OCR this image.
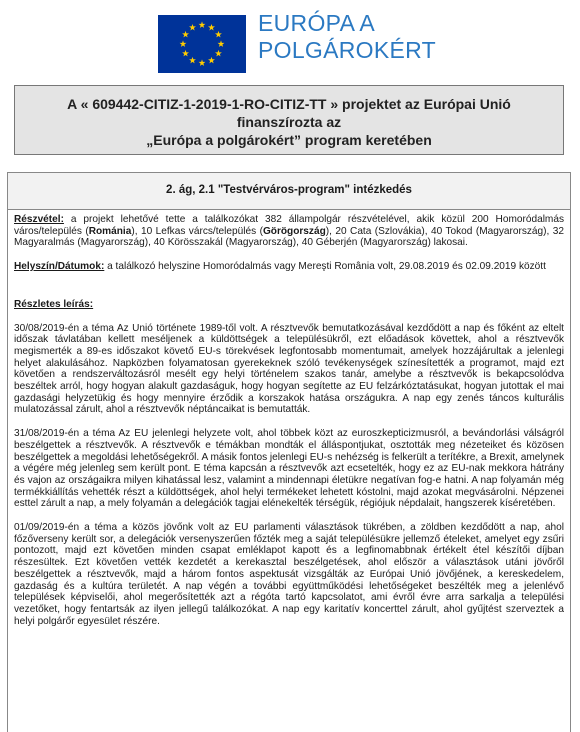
EURÓPA A
POLGÁROKÉRT
A « 609442-CITIZ-1-2019-1-RO-CITIZ-TT » projektet az Európai Unió
finanszírozta az
„Európa a polgárokért” program keretében
2. ág, 2.1 "Testvérváros-program" intézkedés

Részvétel: a projekt lehetővé tette a találkozókat 382 állampolgár részvételével, akik közül 200 Homoródalmás város/település (Románia), 10 Lefkas várcs/település (Görögország), 20 Cata (Szlovákia), 40 Tokod (Magyarország), 32 Magyaralmás (Magyarország), 40 Körösszakál (Magyarország), 40 Géberjén (Magyarország) lakosai.

Helyszín/Dátumok: a találkozó helyszine Homoródalmás vagy Mereşti România volt, 29.08.2019 és 02.09.2019 között

Részletes leírás:

30/08/2019-én a téma Az Unió története 1989-től volt. A résztvevők bemutatkozásával kezdődött a nap és főként az eltelt időszak távlatában kellett meséljenek a küldöttségek a településükről, ezt előadások követtek, ahol a résztvevők megismerték a 89-es időszakot követő EU-s törekvések legfontosabb momentumait, amelyek hozzájárultak a jelenlegi helyet alakulásához. Napközben folyamatosan gyerekeknek szóló tevékenységek színesítették a programot, majd ezt követően a rendszerváltozásról mesélt egy helyi történelem szakos tanár, amelybe a résztvevők is bekapcsolódva beszéltek arról, hogy hogyan alakult gazdaságuk, hogy hogyan segítette az EU felzárkóztatásukat, hogyan jutottak el mai gazdasági helyzetükig és hogy mennyire érződik a korszakok hatása országukra. A nap egy zenés táncos kulturális mulatozással zárult, ahol a résztvevők néptáncaikat is bemutatták.

31/08/2019-én a téma Az EU jelenlegi helyzete volt, ahol többek közt az euroszkepticizmusról, a bevándorlási válságról beszélgettek a résztvevők. A résztvevők e témákban mondták el álláspontjukat, osztották meg nézeteiket és közösen beszélgettek a megoldási lehetőségekről. A másik fontos jelenlegi EU-s nehézség is felkerült a terítékre, a Brexit, amelynek a végére még jelenleg sem került pont. E téma kapcsán a résztvevők azt ecsetelték, hogy ez az EU-nak mekkora hátrány és vajon az országaikra milyen kihatással lesz, valamint a mindennapi életükre negatívan fog-e hatni. A nap folyamán még termékkiállítás vehették részt a küldöttségek, ahol helyi termékeket lehetett kóstolni, majd azokat megvásárolni. Népzenei esttel zárult a nap, a mely folyamán a delegációk tagjai elénekelték térségük, régiójuk népdalait, hangszerek kíséretében.

01/09/2019-én a téma a közös jövőnk volt az EU parlamenti választások tükrében, a zöldben kezdődött a nap, ahol főzőverseny került sor, a delegációk versenyszerűen főzték meg a saját településükre jellemző ételeket, amelyet egy zsűri pontozott, majd ezt követően minden csapat emléklapot kapott és a legfinomabbnak értékelt étel készítői díjban részesültek. Ezt követően vették kezdetét a kerekasztal beszélgetések, ahol először a választások utáni jövőről beszélgettek a résztvevők, majd a három fontos aspektusát vizsgálták az Európai Unió jövőjének, a kereskedelem, gazdaság és a kultúra területét. A nap végén a további együttműködési lehetőségeket beszélték meg a jelenlévő települések képviselői, ahol megerősítették azt a régóta tartó kapcsolatot, ami évről évre arra sarkalja a települési vezetőket, hogy fentartsák az ilyen jellegű találkozókat. A nap egy karitatív koncerttel zárult, ahol gyűjtést szerveztek a helyi polgárőr egyesület részére.
